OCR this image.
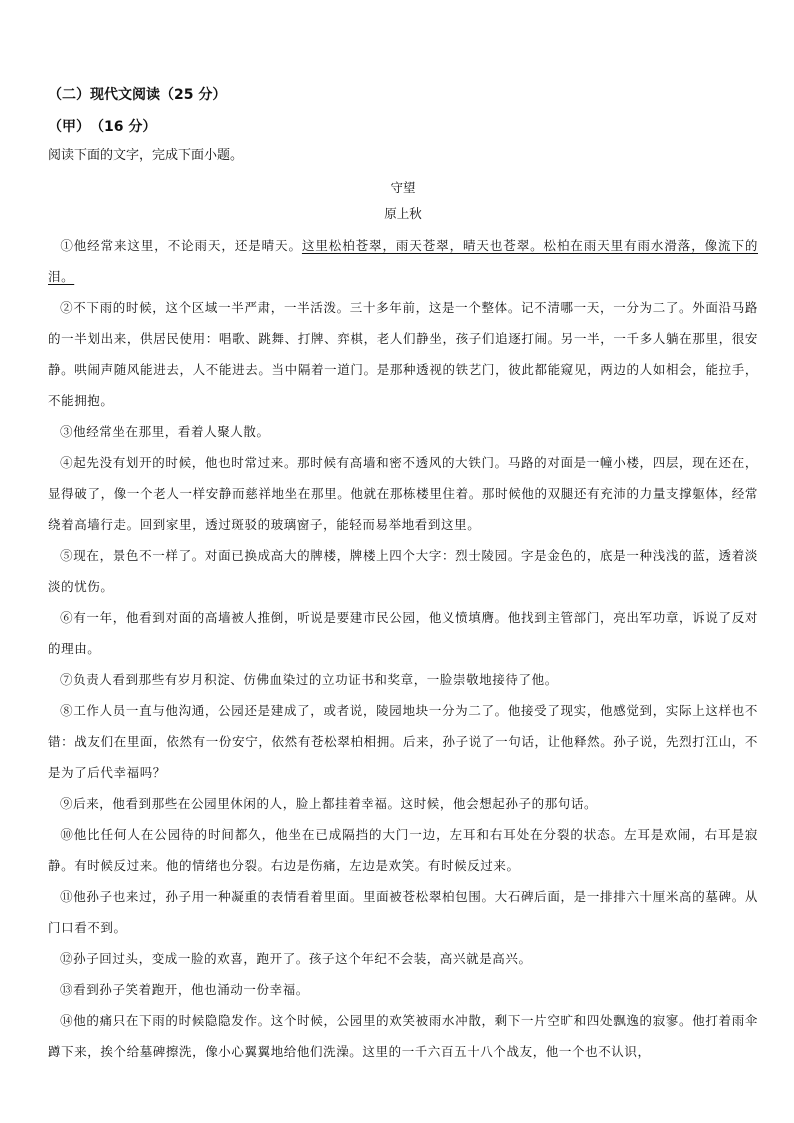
（二）现代文阅读（25 分）
（甲）　（16 分）
阅读下面的文字，完成下面小题。
守望
原上秋

①他经常来这里，不论雨天，还是晴天。这里松柏苍翠，雨天苍翠，晴天也苍翠。松柏在雨天里有雨水滑落，像流下的泪。

②不下雨的时候，这个区域一半严肃，一半活泼。三十多年前，这是一个整体。记不清哪一天，一分为二了。外面沿马路的一半划出来，供居民使用：唱歌、跳舞、打牌、弈棋，老人们静坐，孩子们追逐打闹。另一半，一千多人躺在那里，很安静。哄闹声随风能进去，人不能进去。当中隔着一道门。是那种透视的铁艺门，彼此都能窥见，两边的人如相会，能拉手，不能拥抱。

③他经常坐在那里，看着人聚人散。

④起先没有划开的时候，他也时常过来。那时候有高墙和密不透风的大铁门。马路的对面是一幢小楼，四层，现在还在，显得破了，像一个老人一样安静而慈祥地坐在那里。他就在那栋楼里住着。那时候他的双腿还有充沛的力量支撑躯体，经常绕着高墙行走。回到家里，透过斑驳的玻璃窗子，能轻而易举地看到这里。

⑤现在，景色不一样了。对面已换成高大的牌楼，牌楼上四个大字：烈士陵园。字是金色的，底是一种浅浅的蓝，透着淡淡的忧伤。

⑥有一年，他看到对面的高墙被人推倒，听说是要建市民公园，他义愤填膺。他找到主管部门，亮出军功章，诉说了反对的理由。

⑦负责人看到那些有岁月积淀、仿佛血染过的立功证书和奖章，一脸崇敬地接待了他。

⑧工作人员一直与他沟通，公园还是建成了，或者说，陵园地块一分为二了。他接受了现实，他感觉到，实际上这样也不错：战友们在里面，依然有一份安宁，依然有苍松翠柏相拥。后来，孙子说了一句话，让他释然。孙子说，先烈打江山，不是为了后代幸福吗？

⑨后来，他看到那些在公园里休闲的人，脸上都挂着幸福。这时候，他会想起孙子的那句话。

⑩他比任何人在公园待的时间都久，他坐在已成隔挡的大门一边，左耳和右耳处在分裂的状态。左耳是欢闹，右耳是寂静。有时候反过来。他的情绪也分裂。右边是伤痛，左边是欢笑。有时候反过来。

⑪他孙子也来过，孙子用一种凝重的表情看着里面。里面被苍松翠柏包围。大石碑后面，是一排排六十厘米高的墓碑。从门口看不到。

⑫孙子回过头，变成一脸的欢喜，跑开了。孩子这个年纪不会装，高兴就是高兴。

⑬看到孙子笑着跑开，他也涌动一份幸福。

⑭他的痛只在下雨的时候隐隐发作。这个时候，公园里的欢笑被雨水冲散，剩下一片空旷和四处飘逸的寂寥。他打着雨伞蹲下来，挨个给墓碑擦洗，像小心翼翼地给他们洗澡。这里的一千六百五十八个战友，他一个也不认识，
